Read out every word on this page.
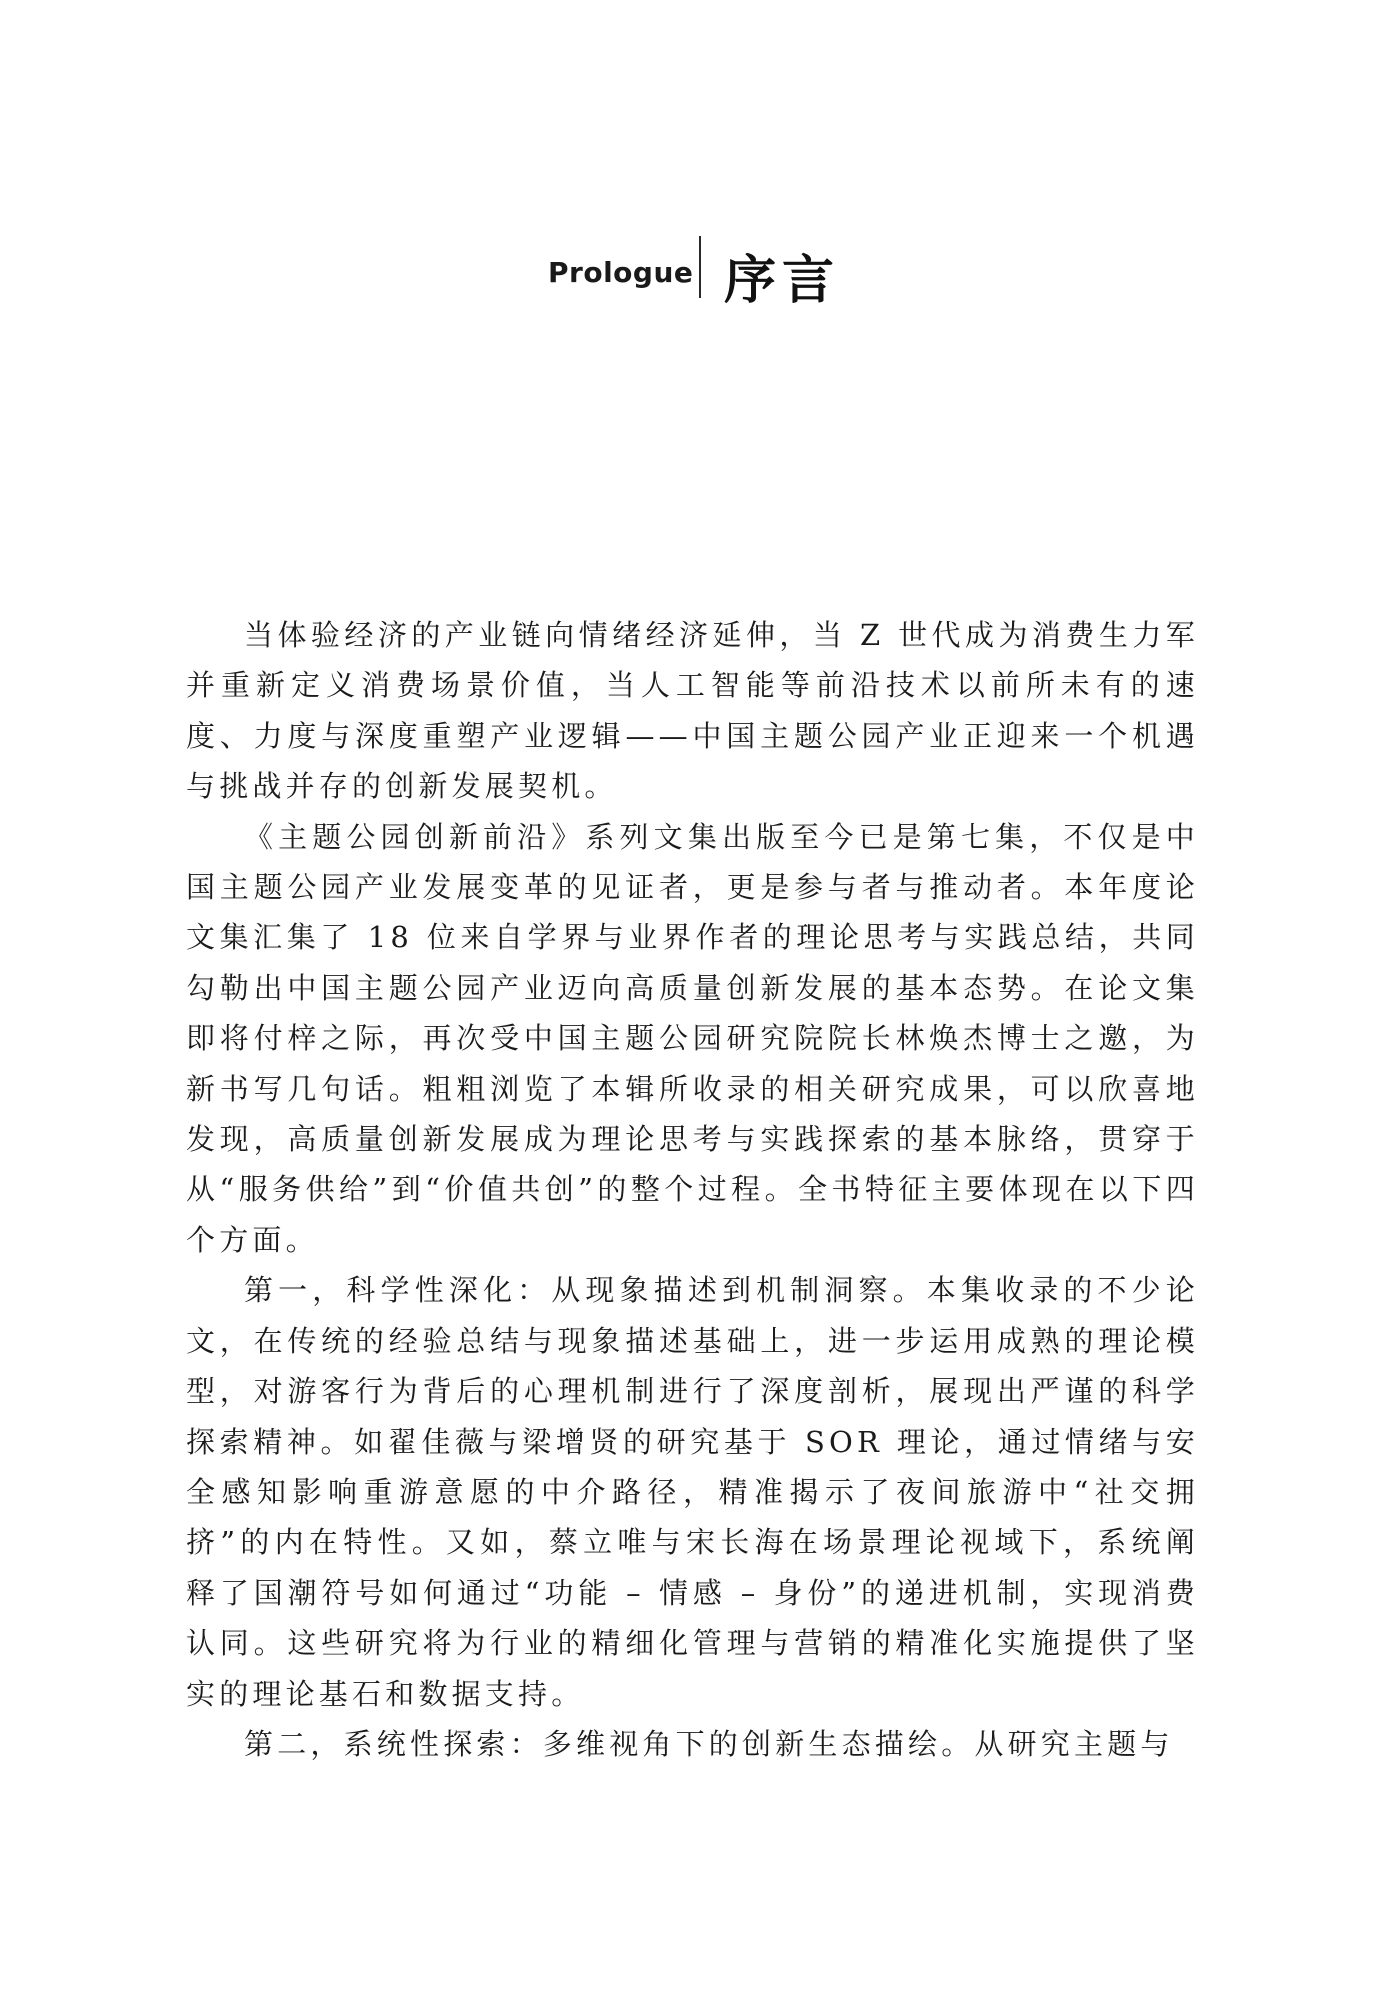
Prologue 序言

当体验经济的产业链向情绪经济延伸，当 Z 世代成为消费生力军并重新定义消费场景价值，当人工智能等前沿技术以前所未有的速度、力度与深度重塑产业逻辑——中国主题公园产业正迎来一个机遇与挑战并存的创新发展契机。

《主题公园创新前沿》系列文集出版至今已是第七集，不仅是中国主题公园产业发展变革的见证者，更是参与者与推动者。本年度论文集汇集了 18 位来自学界与业界作者的理论思考与实践总结，共同勾勒出中国主题公园产业迈向高质量创新发展的基本态势。在论文集即将付梓之际，再次受中国主题公园研究院院长林焕杰博士之邀，为新书写几句话。粗粗浏览了本辑所收录的相关研究成果，可以欣喜地发现，高质量创新发展成为理论思考与实践探索的基本脉络，贯穿于从“服务供给”到“价值共创”的整个过程。全书特征主要体现在以下四个方面。

第一，科学性深化：从现象描述到机制洞察。本集收录的不少论文，在传统的经验总结与现象描述基础上，进一步运用成熟的理论模型，对游客行为背后的心理机制进行了深度剖析，展现出严谨的科学探索精神。如翟佳薇与梁增贤的研究基于 SOR 理论，通过情绪与安全感知影响重游意愿的中介路径，精准揭示了夜间旅游中“社交拥挤”的内在特性。又如，蔡立唯与宋长海在场景理论视域下，系统阐释了国潮符号如何通过“功能 – 情感 – 身份”的递进机制，实现消费认同。这些研究将为行业的精细化管理与营销的精准化实施提供了坚实的理论基石和数据支持。

第二，系统性探索：多维视角下的创新生态描绘。从研究主题与
